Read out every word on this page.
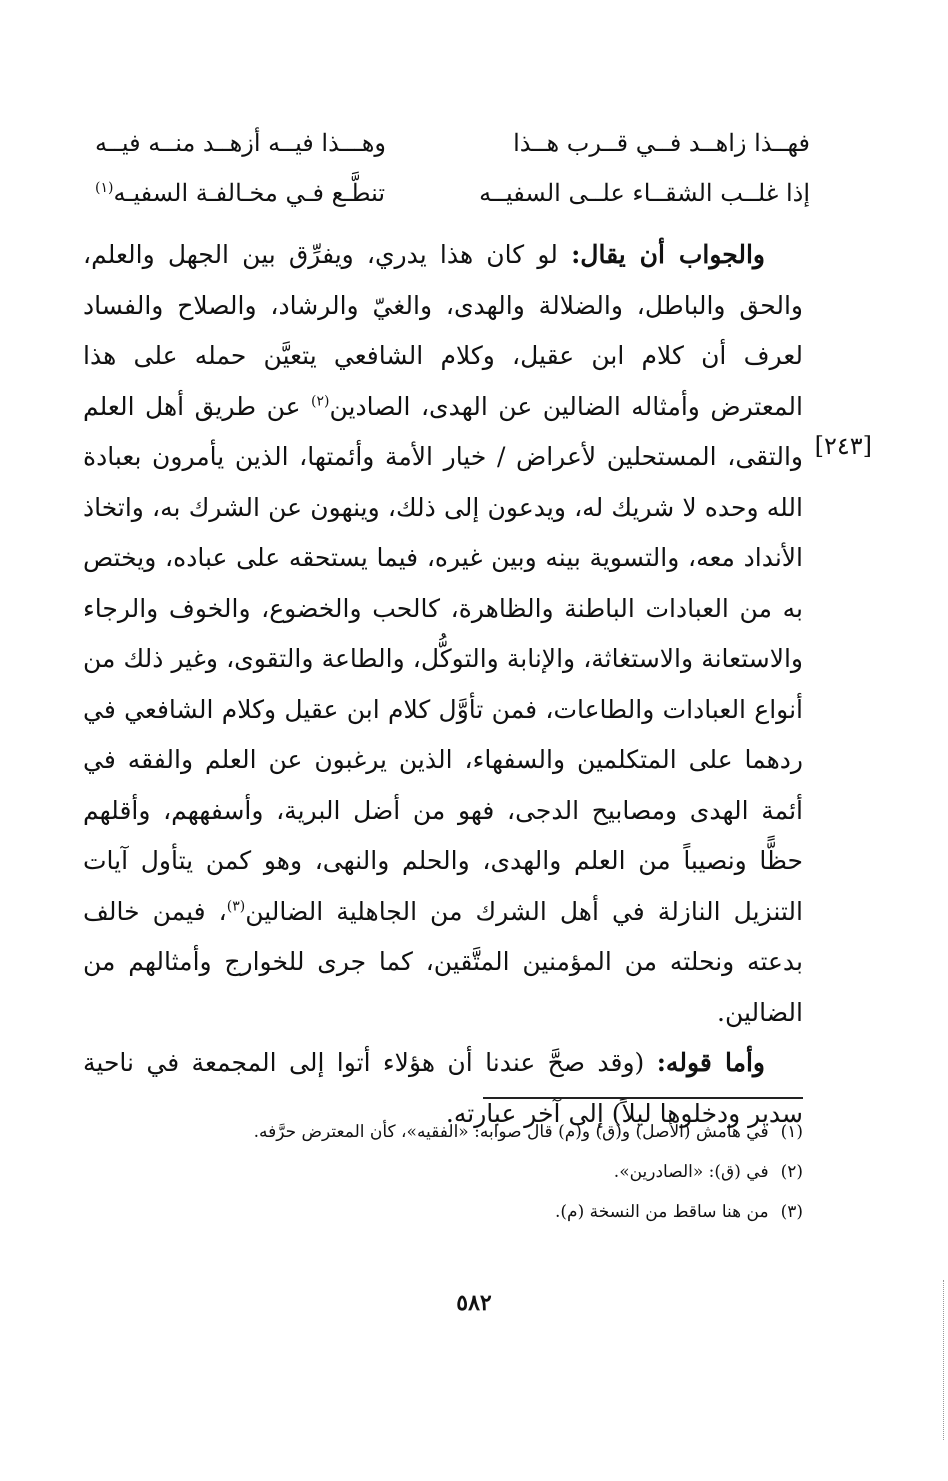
فهــذا زاهــد فــي قــرب هــذا
وهـــذا فيــه أزهــد منــه فيــه
إذا غلــب الشقــاء علــى السفيــه
تنطَّـع فـي مخـالفـة السفيـه$^{(١)}$
[٢٤٣]

والجواب أن يقال: لو كان هذا يدري، ويفرِّق بين الجهل والعلم، والحق والباطل، والضلالة والهدى، والغيّ والرشاد، والصلاح والفساد لعرف أن كلام ابن عقيل، وكلام الشافعي يتعيَّن حمله على هذا المعترض وأمثاله الضالين عن الهدى، الصادين$^{(٢)}$ عن طريق أهل العلم والتقى، المستحلين لأعراض / خيار الأمة وأئمتها، الذين يأمرون بعبادة الله وحده لا شريك له، ويدعون إلى ذلك، وينهون عن الشرك به، واتخاذ الأنداد معه، والتسوية بينه وبين غيره، فيما يستحقه على عباده، ويختص به من العبادات الباطنة والظاهرة، كالحب والخضوع، والخوف والرجاء والاستعانة والاستغاثة، والإنابة والتوكُّل، والطاعة والتقوى، وغير ذلك من أنواع العبادات والطاعات، فمن تأوَّل كلام ابن عقيل وكلام الشافعي في ردهما على المتكلمين والسفهاء، الذين يرغبون عن العلم والفقه في أئمة الهدى ومصابيح الدجى، فهو من أضل البرية، وأسفههم، وأقلهم حظًّا ونصيباً من العلم والهدى، والحلم والنهى، وهو كمن يتأول آيات التنزيل النازلة في أهل الشرك من الجاهلية الضالين$^{(٣)}$، فيمن خالف بدعته ونحلته من المؤمنين المتَّقين، كما جرى للخوارج وأمثالهم من الضالين.

وأما قوله: (وقد صحَّ عندنا أن هؤلاء أتوا إلى المجمعة في ناحية سدير ودخلوها ليلاً) إلى آخر عبارته.

(١)
في هامش (الأصل) و(ق) و(م) قال صوابه: «الفقيه»، كأن المعترض حرَّفه.
(٢)
في (ق): «الصادرين».
(٣)
من هنا ساقط من النسخة (م).
٥٨٢
